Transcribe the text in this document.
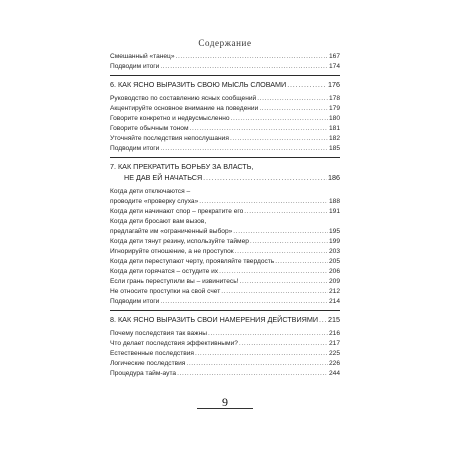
Содержание
Смешанный «танец» . . .	167
Подводим итоги . . .	174
6. КАК ЯСНО ВЫРАЗИТЬ СВОЮ МЫСЛЬ СЛОВАМИ . . .	176
Руководство по составлению ясных сообщений . . .	178
Акцентируйте основное внимание на поведении . . .	179
Говорите конкретно и недвусмысленно . . .	180
Говорите обычным тоном . . .	181
Уточняйте последствия непослушания . . .	182
Подводим итоги . . .	185
7. КАК ПРЕКРАТИТЬ БОРЬБУ ЗА ВЛАСТЬ,
НЕ ДАВ ЕЙ НАЧАТЬСЯ . . .	186
Когда дети отключаются –
проводите «проверку слуха» . . .	188
Когда дети начинают спор – прекратите его . . .	191
Когда дети бросают вам вызов,
предлагайте им «ограниченный выбор» . . .	195
Когда дети тянут резину, используйте таймер . . .	199
Игнорируйте отношение, а не проступок . . .	203
Когда дети переступают черту, проявляйте твердость . . .	205
Когда дети горячатся – остудите их . . .	206
Если грань переступили вы – извинитесь! . . .	209
Не относите проступки на свой счет . . .	212
Подводим итоги . . .	214
8. КАК ЯСНО ВЫРАЗИТЬ СВОИ НАМЕРЕНИЯ ДЕЙСТВИЯМИ . . . 215
Почему последствия так важны . . .	216
Что делает последствия эффективными? . . .	217
Естественные последствия . . .	225
Логические последствия . . .	226
Процедура тайм-аута . . .	244
9
